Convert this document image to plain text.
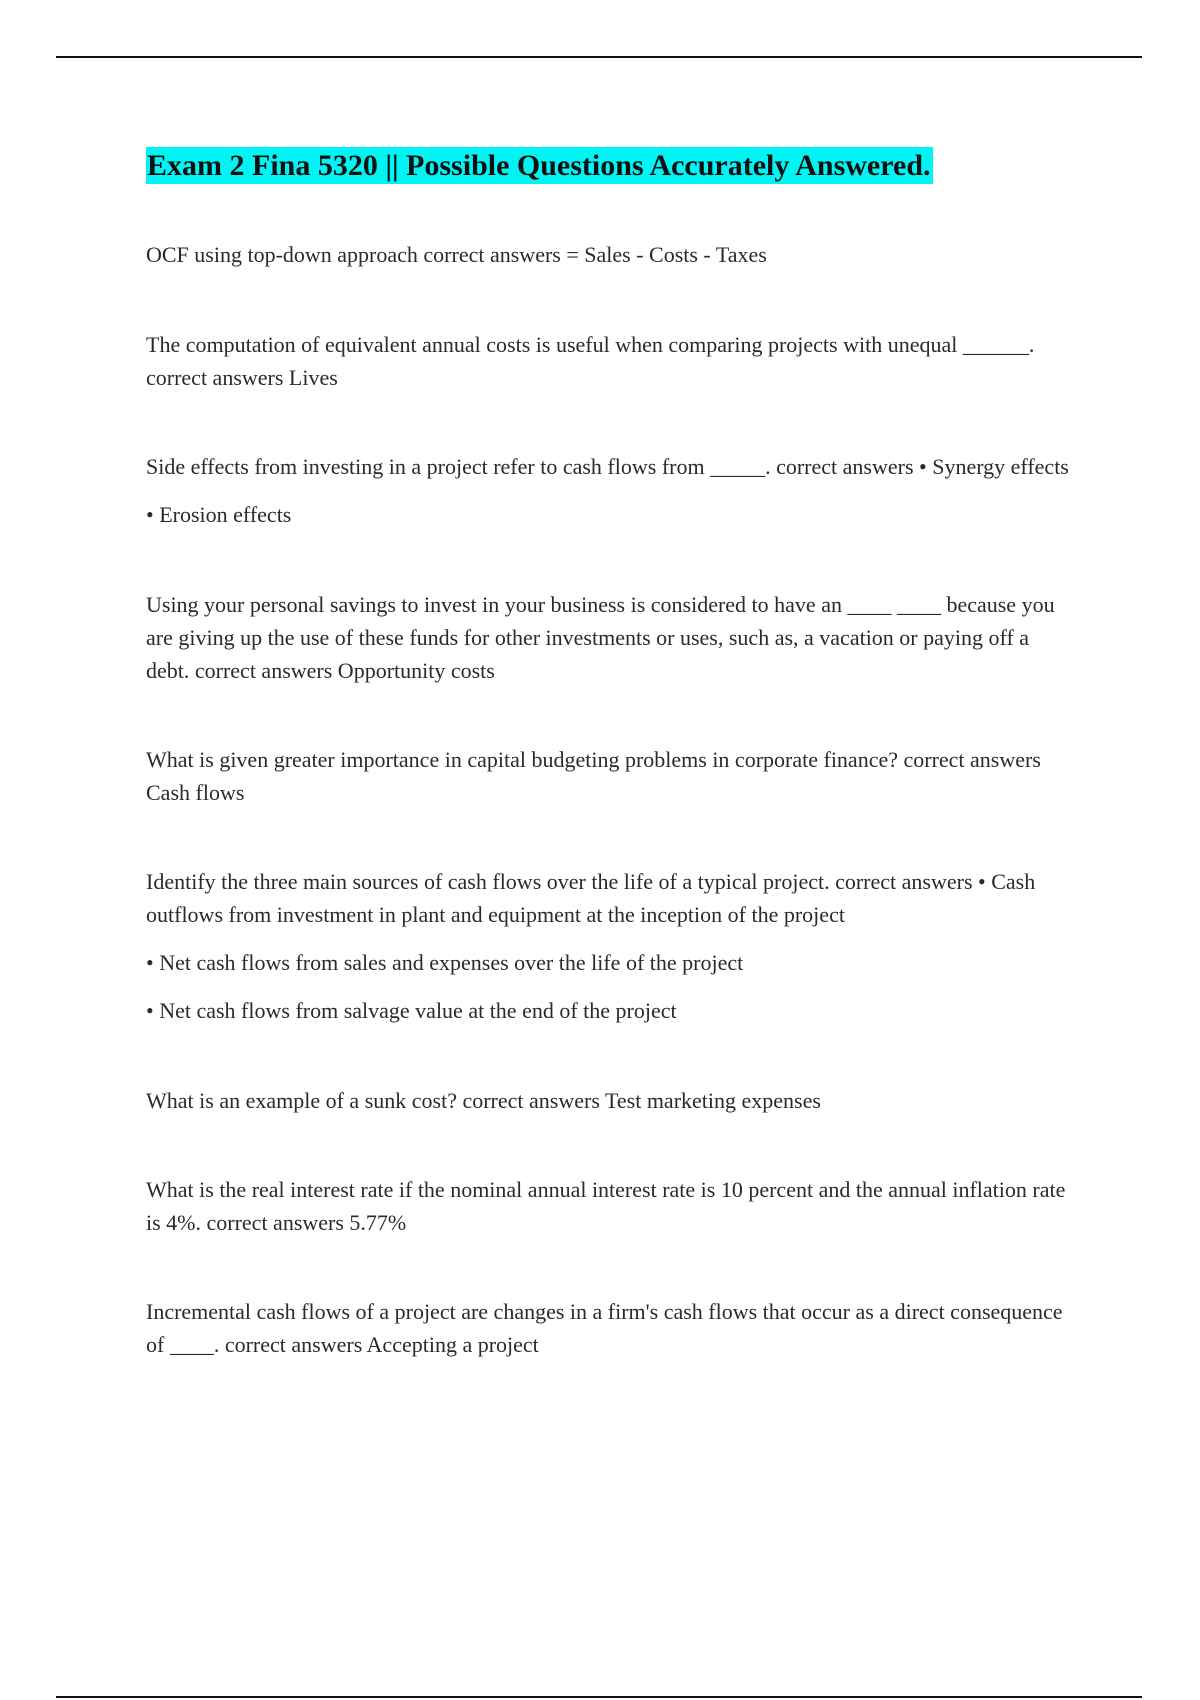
Exam 2 Fina 5320 || Possible Questions Accurately Answered.

OCF using top-down approach correct answers = Sales - Costs - Taxes

The computation of equivalent annual costs is useful when comparing projects with unequal ______. correct answers Lives

Side effects from investing in a project refer to cash flows from _____. correct answers • Synergy effects

• Erosion effects

Using your personal savings to invest in your business is considered to have an ____ ____ because you are giving up the use of these funds for other investments or uses, such as, a vacation or paying off a debt. correct answers Opportunity costs

What is given greater importance in capital budgeting problems in corporate finance? correct answers Cash flows

Identify the three main sources of cash flows over the life of a typical project. correct answers • Cash outflows from investment in plant and equipment at the inception of the project

• Net cash flows from sales and expenses over the life of the project

• Net cash flows from salvage value at the end of the project

What is an example of a sunk cost? correct answers Test marketing expenses

What is the real interest rate if the nominal annual interest rate is 10 percent and the annual inflation rate is 4%. correct answers 5.77%

Incremental cash flows of a project are changes in a firm's cash flows that occur as a direct consequence of ____. correct answers Accepting a project
